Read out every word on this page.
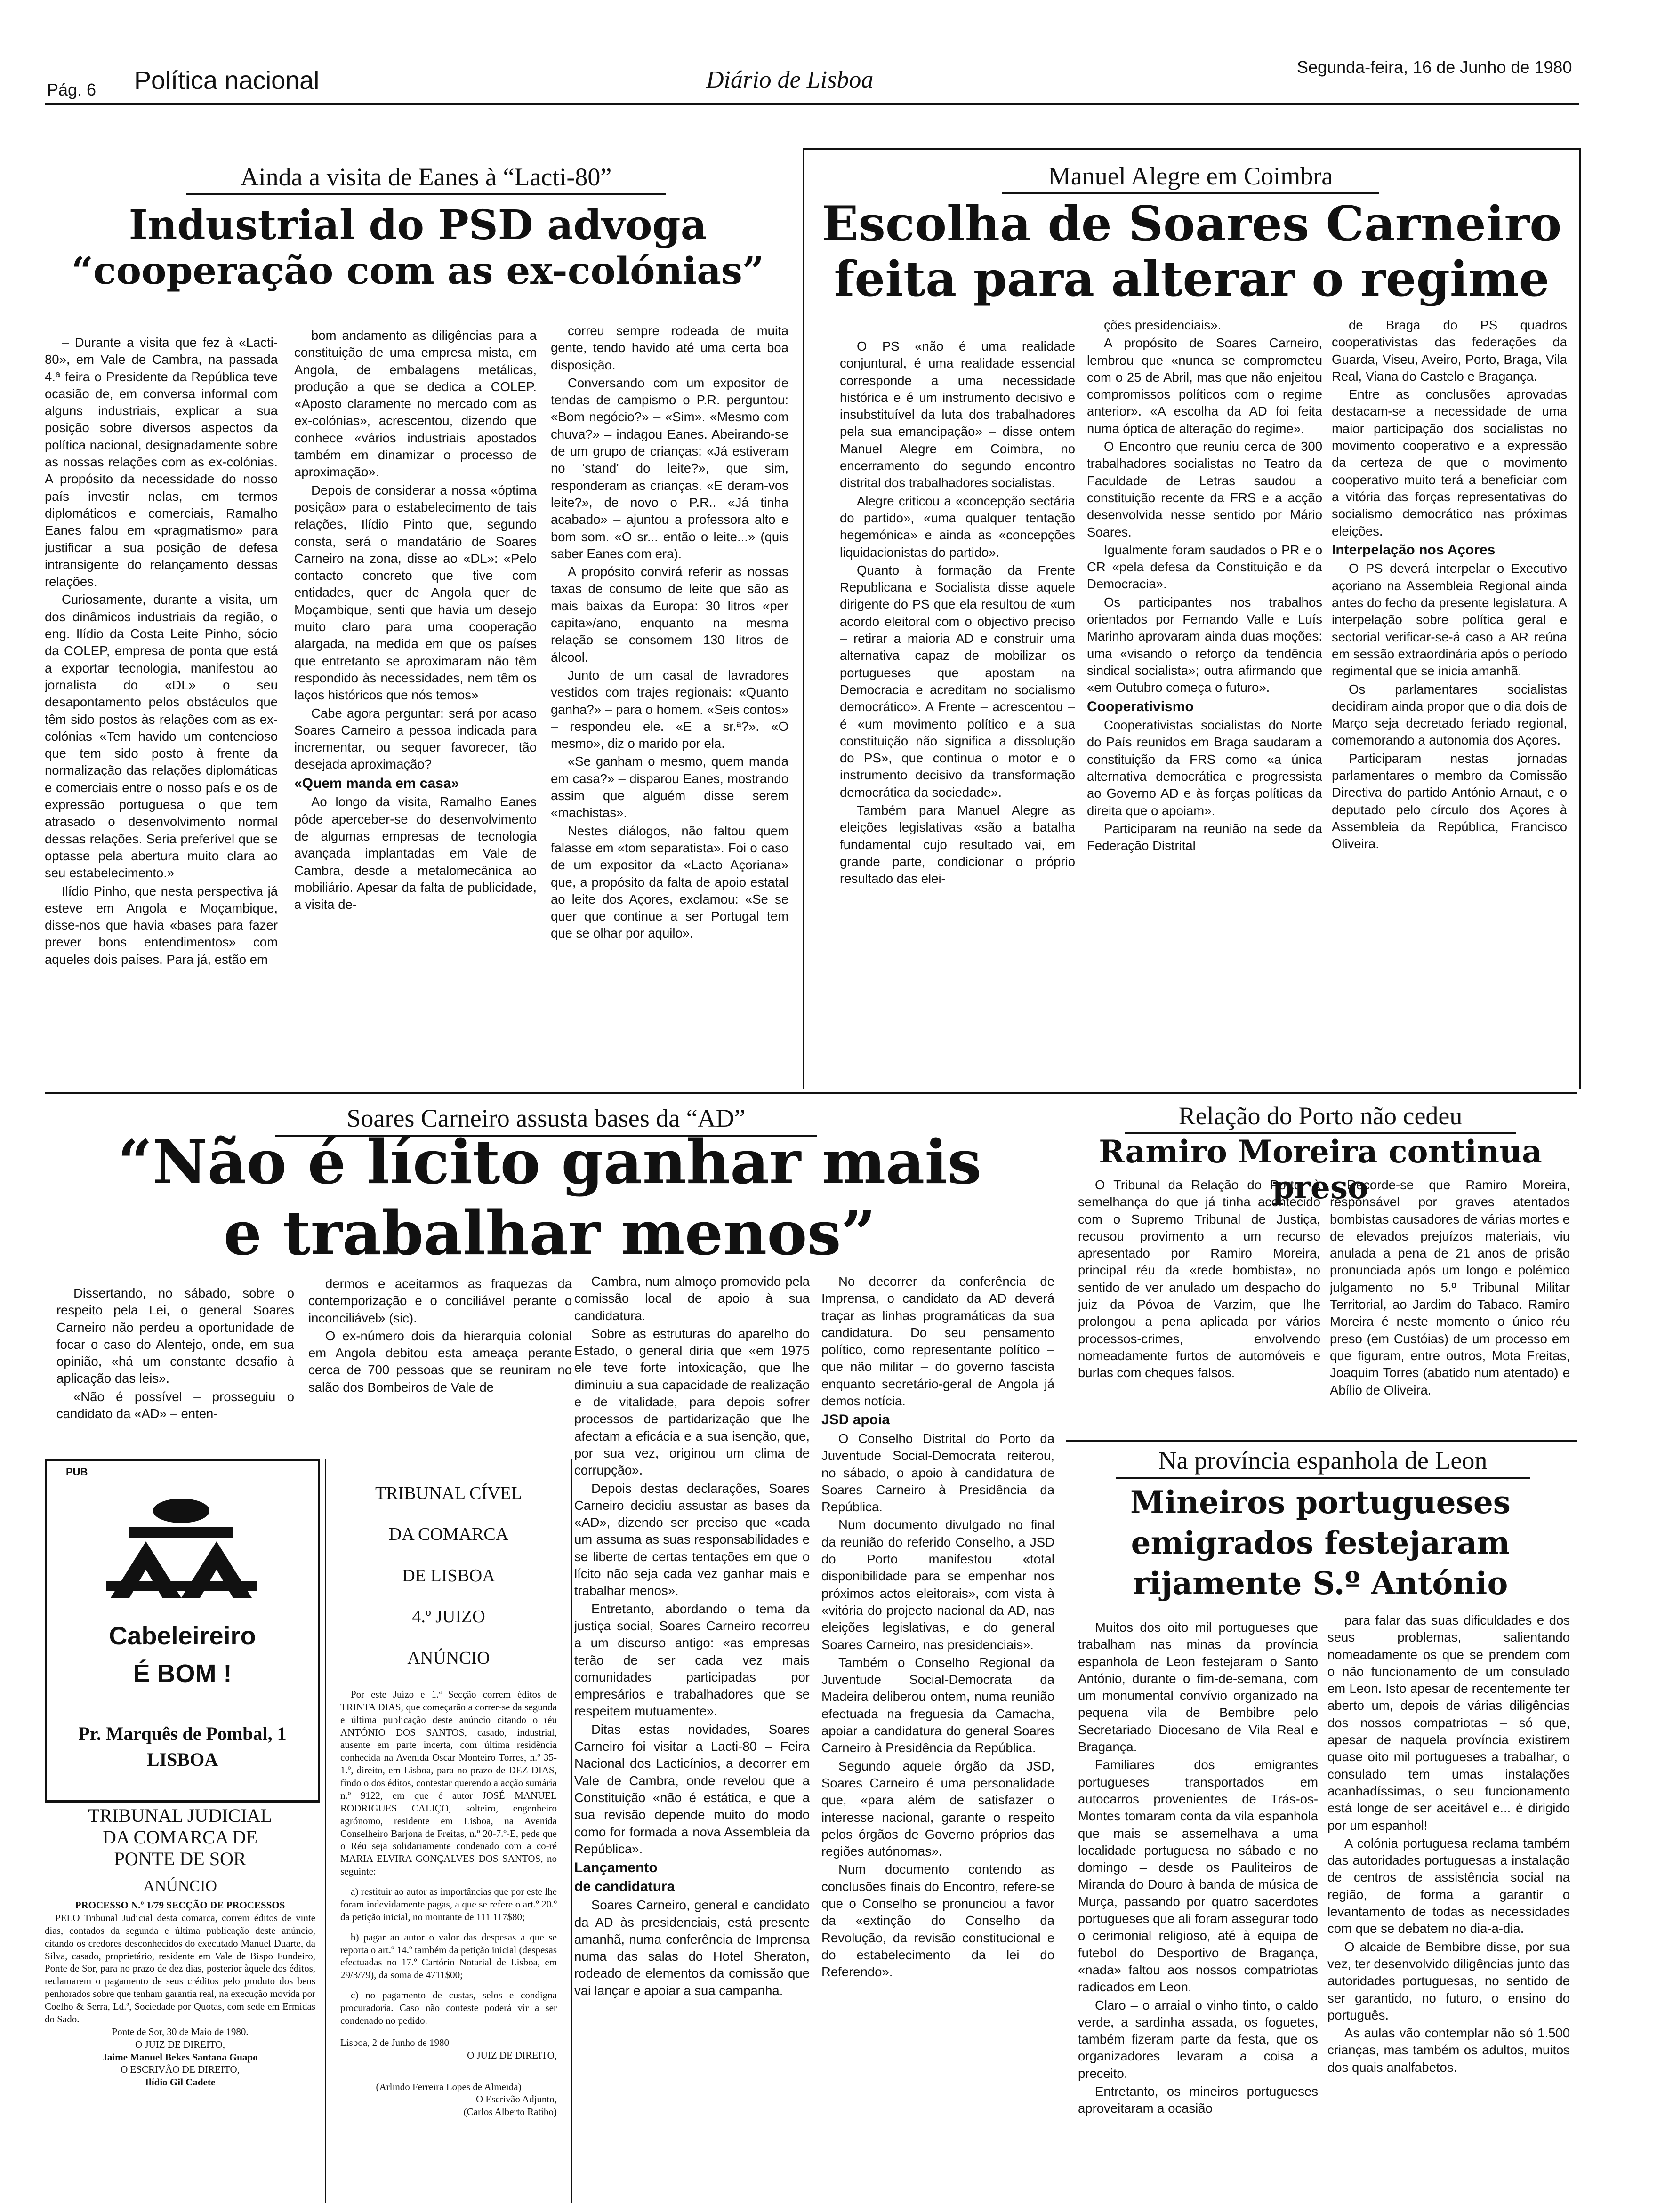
Pág. 6 Política nacional	Diário de Lisboa	Segunda-feira, 16 de Junho de 1980
Ainda a visita de Eanes à “Lacti-80”
Industrial do PSD advoga
“cooperação com as ex-colónias”

– Durante a visita que fez à «Lacti-80», em Vale de Cambra, na passada 4.ª feira o Presidente da República teve ocasião de, em conversa informal com alguns industriais, explicar a sua posição sobre diversos aspectos da política nacional, designadamente sobre as nossas relações com as ex-colónias. A propósito da necessidade do nosso país investir nelas, em termos diplomáticos e comerciais, Ramalho Eanes falou em «pragmatismo» para justificar a sua posição de defesa intransigente do relançamento dessas relações.

Curiosamente, durante a visita, um dos dinâmicos industriais da região, o eng. Ilídio da Costa Leite Pinho, sócio da COLEP, empresa de ponta que está a exportar tecnologia, manifestou ao jornalista do «DL» o seu desapontamento pelos obstáculos que têm sido postos às relações com as ex-colónias «Tem havido um contencioso que tem sido posto à frente da normalização das relações diplomáticas e comerciais entre o nosso país e os de expressão portuguesa o que tem atrasado o desenvolvimento normal dessas relações. Seria preferível que se optasse pela abertura muito clara ao seu estabelecimento.»

Ilídio Pinho, que nesta perspectiva já esteve em Angola e Moçambique, disse-nos que havia «bases para fazer prever bons entendimentos» com aqueles dois países. Para já, estão em

bom andamento as diligências para a constituição de uma empresa mista, em Angola, de embalagens metálicas, produção a que se dedica a COLEP. «Aposto claramente no mercado com as ex-colónias», acrescentou, dizendo que conhece «vários industriais apostados também em dinamizar o processo de aproximação».

Depois de considerar a nossa «óptima posição» para o estabelecimento de tais relações, Ilídio Pinto que, segundo consta, será o mandatário de Soares Carneiro na zona, disse ao «DL»: «Pelo contacto concreto que tive com entidades, quer de Angola quer de Moçambique, senti que havia um desejo muito claro para uma cooperação alargada, na medida em que os países que entretanto se aproximaram não têm respondido às necessidades, nem têm os laços históricos que nós temos»

Cabe agora perguntar: será por acaso Soares Carneiro a pessoa indicada para incrementar, ou sequer favorecer, tão desejada aproximação?

«Quem manda em casa»

Ao longo da visita, Ramalho Eanes pôde aperceber-se do desenvolvimento de algumas empresas de tecnologia avançada implantadas em Vale de Cambra, desde a metalomecânica ao mobiliário. Apesar da falta de publicidade, a visita de-

correu sempre rodeada de muita gente, tendo havido até uma certa boa disposição.

Conversando com um expositor de tendas de campismo o P.R. perguntou: «Bom negócio?» – «Sim». «Mesmo com chuva?» – indagou Eanes. Abeirando-se de um grupo de crianças: «Já estiveram no 'stand' do leite?», que sim, responderam as crianças. «E deram-vos leite?», de novo o P.R.. «Já tinha acabado» – ajuntou a professora alto e bom som. «O sr... então o leite...» (quis saber Eanes com era).

A propósito convirá referir as nossas taxas de consumo de leite que são as mais baixas da Europa: 30 litros «per capita»/ano, enquanto na mesma relação se consomem 130 litros de álcool.

Junto de um casal de lavradores vestidos com trajes regionais: «Quanto ganha?» – para o homem. «Seis contos» – respondeu ele. «E a sr.ª?». «O mesmo», diz o marido por ela.

«Se ganham o mesmo, quem manda em casa?» – disparou Eanes, mostrando assim que alguém disse serem «machistas».

Nestes diálogos, não faltou quem falasse em «tom separatista». Foi o caso de um expositor da «Lacto Açoriana» que, a propósito da falta de apoio estatal ao leite dos Açores, exclamou: «Se se quer que continue a ser Portugal tem que se olhar por aquilo».

Manuel Alegre em Coimbra
Escolha de Soares Carneiro
feita para alterar o regime

O PS «não é uma realidade conjuntural, é uma realidade essencial corresponde a uma necessidade histórica e é um instrumento decisivo e insubstituível da luta dos trabalhadores pela sua emancipação» – disse ontem Manuel Alegre em Coimbra, no encerramento do segundo encontro distrital dos trabalhadores socialistas.

Alegre criticou a «concepção sectária do partido», «uma qualquer tentação hegemónica» e ainda as «concepções liquidacionistas do partido».

Quanto à formação da Frente Republicana e Socialista disse aquele dirigente do PS que ela resultou de «um acordo eleitoral com o objectivo preciso – retirar a maioria AD e construir uma alternativa capaz de mobilizar os portugueses que apostam na Democracia e acreditam no socialismo democrático». A Frente – acrescentou – é «um movimento político e a sua constituição não significa a dissolução do PS», que continua o motor e o instrumento decisivo da transformação democrática da sociedade».

Também para Manuel Alegre as eleições legislativas «são a batalha fundamental cujo resultado vai, em grande parte, condicionar o próprio resultado das elei-

ções presidenciais».

A propósito de Soares Carneiro, lembrou que «nunca se comprometeu com o 25 de Abril, mas que não enjeitou compromissos políticos com o regime anterior». «A escolha da AD foi feita numa óptica de alteração do regime».

O Encontro que reuniu cerca de 300 trabalhadores socialistas no Teatro da Faculdade de Letras saudou a constituição recente da FRS e a acção desenvolvida nesse sentido por Mário Soares.

Igualmente foram saudados o PR e o CR «pela defesa da Constituição e da Democracia».

Os participantes nos trabalhos orientados por Fernando Valle e Luís Marinho aprovaram ainda duas moções: uma «visando o reforço da tendência sindical socialista»; outra afirmando que «em Outubro começa o futuro».

Cooperativismo

Cooperativistas socialistas do Norte do País reunidos em Braga saudaram a constituição da FRS como «a única alternativa democrática e progressista ao Governo AD e às forças políticas da direita que o apoiam».

Participaram na reunião na sede da Federação Distrital

de Braga do PS quadros cooperativistas das federações da Guarda, Viseu, Aveiro, Porto, Braga, Vila Real, Viana do Castelo e Bragança.

Entre as conclusões aprovadas destacam-se a necessidade de uma maior participação dos socialistas no movimento cooperativo e a expressão da certeza de que o movimento cooperativo muito terá a beneficiar com a vitória das forças representativas do socialismo democrático nas próximas eleições.

Interpelação nos Açores

O PS deverá interpelar o Executivo açoriano na Assembleia Regional ainda antes do fecho da presente legislatura. A interpelação sobre política geral e sectorial verificar-se-á caso a AR reúna em sessão extraordinária após o período regimental que se inicia amanhã.

Os parlamentares socialistas decidiram ainda propor que o dia dois de Março seja decretado feriado regional, comemorando a autonomia dos Açores.

Participaram nestas jornadas parlamentares o membro da Comissão Directiva do partido António Arnaut, e o deputado pelo círculo dos Açores à Assembleia da República, Francisco Oliveira.

Soares Carneiro assusta bases da “AD”
“Não é lícito ganhar mais
e trabalhar menos”

Dissertando, no sábado, sobre o respeito pela Lei, o general Soares Carneiro não perdeu a oportunidade de focar o caso do Alentejo, onde, em sua opinião, «há um constante desafio à aplicação das leis».

«Não é possível – prosseguiu o candidato da «AD» – enten-

dermos e aceitarmos as fraquezas da contemporização e o conciliável perante o inconciliável» (sic).

O ex-número dois da hierarquia colonial em Angola debitou esta ameaça perante cerca de 700 pessoas que se reuniram no salão dos Bombeiros de Vale de

Cambra, num almoço promovido pela comissão local de apoio à sua candidatura.

Sobre as estruturas do aparelho do Estado, o general diria que «em 1975 ele teve forte intoxicação, que lhe diminuiu a sua capacidade de realização e de vitalidade, para depois sofrer processos de partidarização que lhe afectam a eficácia e a sua isenção, que, por sua vez, originou um clima de corrupção».

Depois destas declarações, Soares Carneiro decidiu assustar as bases da «AD», dizendo ser preciso que «cada um assuma as suas responsabilidades e se liberte de certas tentações em que o lícito não seja cada vez ganhar mais e trabalhar menos».

Entretanto, abordando o tema da justiça social, Soares Carneiro recorreu a um discurso antigo: «as empresas terão de ser cada vez mais comunidades participadas por empresários e trabalhadores que se respeitem mutuamente».

Ditas estas novidades, Soares Carneiro foi visitar a Lacti-80 – Feira Nacional dos Lacticínios, a decorrer em Vale de Cambra, onde revelou que a Constituição «não é estática, e que a sua revisão depende muito do modo como for formada a nova Assembleia da República».

Lançamento

de candidatura

Soares Carneiro, general e candidato da AD às presidenciais, está presente amanhã, numa conferência de Imprensa numa das salas do Hotel Sheraton, rodeado de elementos da comissão que vai lançar e apoiar a sua campanha.

No decorrer da conferência de Imprensa, o candidato da AD deverá traçar as linhas programáticas da sua candidatura. Do seu pensamento político, como representante político – que não militar – do governo fascista enquanto secretário-geral de Angola já demos notícia.

JSD apoia

O Conselho Distrital do Porto da Juventude Social-Democrata reiterou, no sábado, o apoio à candidatura de Soares Carneiro à Presidência da República.

Num documento divulgado no final da reunião do referido Conselho, a JSD do Porto manifestou «total disponibilidade para se empenhar nos próximos actos eleitorais», com vista à «vitória do projecto nacional da AD, nas eleições legislativas, e do general Soares Carneiro, nas presidenciais».

Também o Conselho Regional da Juventude Social-Democrata da Madeira deliberou ontem, numa reunião efectuada na freguesia da Camacha, apoiar a candidatura do general Soares Carneiro à Presidência da República.

Segundo aquele órgão da JSD, Soares Carneiro é uma personalidade que, «para além de satisfazer o interesse nacional, garante o respeito pelos órgãos de Governo próprios das regiões autónomas».

Num documento contendo as conclusões finais do Encontro, refere-se que o Conselho se pronunciou a favor da «extinção do Conselho da Revolução, da revisão constitucional e do estabelecimento da lei do Referendo».

PUB
AA
Cabeleireiro
É BOM !
Pr. Marquês de Pombal, 1
LISBOA
TRIBUNAL JUDICIAL
DA COMARCA DE
PONTE DE SOR
ANÚNCIO
PROCESSO N.º 1/79 SECÇÃO DE PROCESSOS

PELO Tribunal Judicial desta comarca, correm éditos de vinte dias, contados da segunda e última publicação deste anúncio, citando os credores desconhecidos do executado Manuel Duarte, da Silva, casado, proprietário, residente em Vale de Bispo Fundeiro, Ponte de Sor, para no prazo de dez dias, posterior àquele dos éditos, reclamarem o pagamento de seus créditos pelo produto dos bens penhorados sobre que tenham garantia real, na execução movida por Coelho & Serra, Ld.ª, Sociedade por Quotas, com sede em Ermidas do Sado.

Ponte de Sor, 30 de Maio de 1980.
O JUIZ DE DIREITO,
Jaime Manuel Bekes Santana Guapo
O ESCRIVÃO DE DIREITO,
Ilídio Gil Cadete
TRIBUNAL CÍVEL
DA COMARCA
DE LISBOA
4.º JUIZO
ANÚNCIO

Por este Juízo e 1.ª Secção correm éditos de TRINTA DIAS, que começarão a correr-se da segunda e última publicação deste anúncio citando o réu ANTÓNIO DOS SANTOS, casado, industrial, ausente em parte incerta, com última residência conhecida na Avenida Oscar Monteiro Torres, n.º 35-1.º, direito, em Lisboa, para no prazo de DEZ DIAS, findo o dos éditos, contestar querendo a acção sumária n.º 9122, em que é autor JOSÉ MANUEL RODRIGUES CALIÇO, solteiro, engenheiro agrónomo, residente em Lisboa, na Avenida Conselheiro Barjona de Freitas, n.º 20-7.º-E, pede que o Réu seja solidariamente condenado com a co-ré MARIA ELVIRA GONÇALVES DOS SANTOS, no seguinte:

a) restituir ao autor as importâncias que por este lhe foram indevidamente pagas, a que se refere o art.º 20.º da petição inicial, no montante de 111 117$80;

b) pagar ao autor o valor das despesas a que se reporta o art.º 14.º também da petição inicial (despesas efectuadas no 17.º Cartório Notarial de Lisboa, em 29/3/79), da soma de 4711$00;

c) no pagamento de custas, selos e condigna procuradoria. Caso não conteste poderá vir a ser condenado no pedido.

Lisboa, 2 de Junho de 1980
O JUIZ DE DIREITO,
(Arlindo Ferreira Lopes de Almeida)
O Escrivão Adjunto,
(Carlos Alberto Ratibo)
Relação do Porto não cedeu
Ramiro Moreira continua preso

O Tribunal da Relação do Porto, à semelhança do que já tinha acontecido com o Supremo Tribunal de Justiça, recusou provimento a um recurso apresentado por Ramiro Moreira, principal réu da «rede bombista», no sentido de ver anulado um despacho do juiz da Póvoa de Varzim, que lhe prolongou a pena aplicada por vários processos-crimes, envolvendo nomeadamente furtos de automóveis e burlas com cheques falsos.

Recorde-se que Ramiro Moreira, responsável por graves atentados bombistas causadores de várias mortes e de elevados prejuízos materiais, viu anulada a pena de 21 anos de prisão pronunciada após um longo e polémico julgamento no 5.º Tribunal Militar Territorial, ao Jardim do Tabaco. Ramiro Moreira é neste momento o único réu preso (em Custóias) de um processo em que figuram, entre outros, Mota Freitas, Joaquim Torres (abatido num atentado) e Abílio de Oliveira.

Na província espanhola de Leon
Mineiros portugueses
emigrados festejaram
rijamente S.º António

Muitos dos oito mil portugueses que trabalham nas minas da província espanhola de Leon festejaram o Santo António, durante o fim-de-semana, com um monumental convívio organizado na pequena vila de Bembibre pelo Secretariado Diocesano de Vila Real e Bragança.

Familiares dos emigrantes portugueses transportados em autocarros provenientes de Trás-os-Montes tomaram conta da vila espanhola que mais se assemelhava a uma localidade portuguesa no sábado e no domingo – desde os Pauliteiros de Miranda do Douro à banda de música de Murça, passando por quatro sacerdotes portugueses que ali foram assegurar todo o cerimonial religioso, até à equipa de futebol do Desportivo de Bragança, «nada» faltou aos nossos compatriotas radicados em Leon.

Claro – o arraial o vinho tinto, o caldo verde, a sardinha assada, os foguetes, também fizeram parte da festa, que os organizadores levaram a coisa a preceito.

Entretanto, os mineiros portugueses aproveitaram a ocasião

para falar das suas dificuldades e dos seus problemas, salientando nomeadamente os que se prendem com o não funcionamento de um consulado em Leon. Isto apesar de recentemente ter aberto um, depois de várias diligências dos nossos compatriotas – só que, apesar de naquela província existirem quase oito mil portugueses a trabalhar, o consulado tem umas instalações acanhadíssimas, o seu funcionamento está longe de ser aceitável e... é dirigido por um espanhol!

A colónia portuguesa reclama também das autoridades portuguesas a instalação de centros de assistência social na região, de forma a garantir o levantamento de todas as necessidades com que se debatem no dia-a-dia.

O alcaide de Bembibre disse, por sua vez, ter desenvolvido diligências junto das autoridades portuguesas, no sentido de ser garantido, no futuro, o ensino do português.

As aulas vão contemplar não só 1.500 crianças, mas também os adultos, muitos dos quais analfabetos.
